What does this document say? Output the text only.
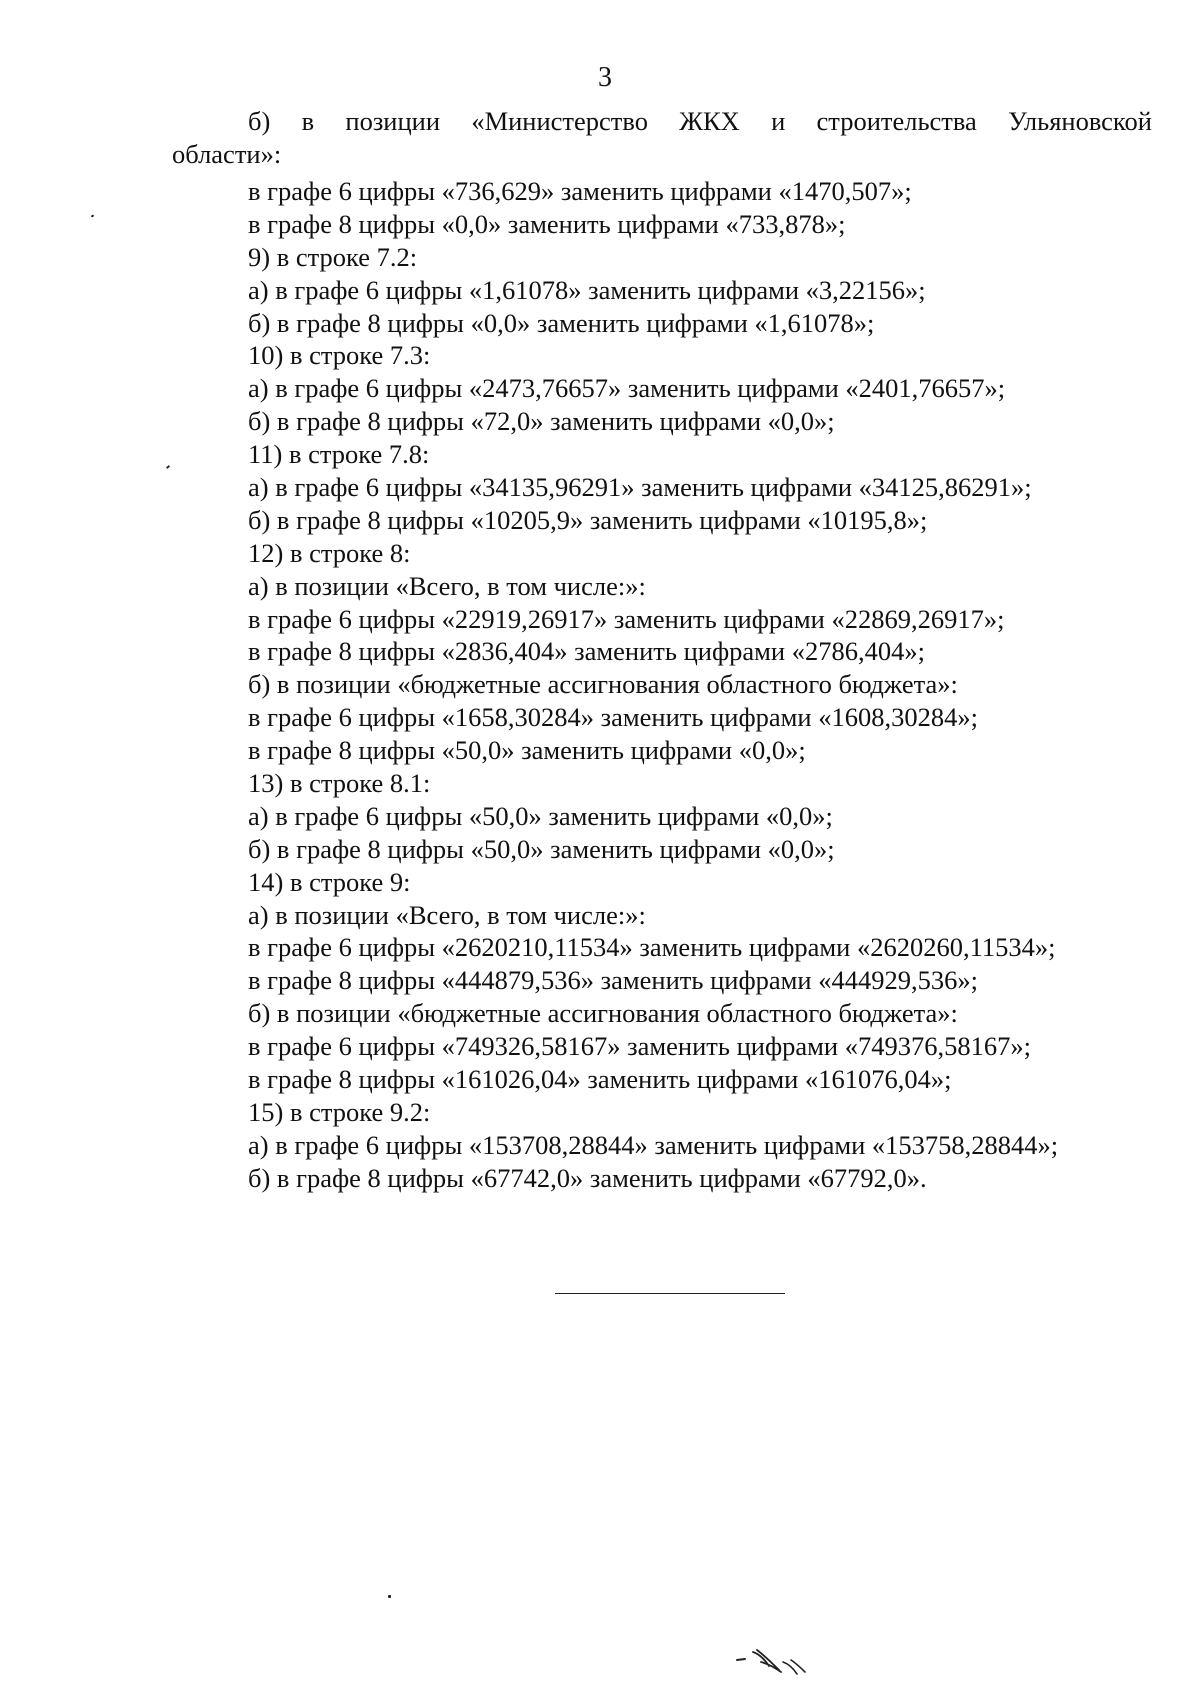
3
б) в позиции «Министерство ЖКХ и строительства Ульяновской
области»:
в графе 6 цифры «736,629» заменить цифрами «1470,507»;
в графе 8 цифры «0,0» заменить цифрами «733,878»;
9) в строке 7.2:
а) в графе 6 цифры «1,61078» заменить цифрами «3,22156»;
б) в графе 8 цифры «0,0» заменить цифрами «1,61078»;
10) в строке 7.3:
а) в графе 6 цифры «2473,76657» заменить цифрами «2401,76657»;
б) в графе 8 цифры «72,0» заменить цифрами «0,0»;
11) в строке 7.8:
а) в графе 6 цифры «34135,96291» заменить цифрами «34125,86291»;
б) в графе 8 цифры «10205,9» заменить цифрами «10195,8»;
12) в строке 8:
а) в позиции «Всего, в том числе:»:
в графе 6 цифры «22919,26917» заменить цифрами «22869,26917»;
в графе 8 цифры «2836,404» заменить цифрами «2786,404»;
б) в позиции «бюджетные ассигнования областного бюджета»:
в графе 6 цифры «1658,30284» заменить цифрами «1608,30284»;
в графе 8 цифры «50,0» заменить цифрами «0,0»;
13) в строке 8.1:
а) в графе 6 цифры «50,0» заменить цифрами «0,0»;
б) в графе 8 цифры «50,0» заменить цифрами «0,0»;
14) в строке 9:
а) в позиции «Всего, в том числе:»:
в графе 6 цифры «2620210,11534» заменить цифрами «2620260,11534»;
в графе 8 цифры «444879,536» заменить цифрами «444929,536»;
б) в позиции «бюджетные ассигнования областного бюджета»:
в графе 6 цифры «749326,58167» заменить цифрами «749376,58167»;
в графе 8 цифры «161026,04» заменить цифрами «161076,04»;
15) в строке 9.2:
а) в графе 6 цифры «153708,28844» заменить цифрами «153758,28844»;
б) в графе 8 цифры «67742,0» заменить цифрами «67792,0».
